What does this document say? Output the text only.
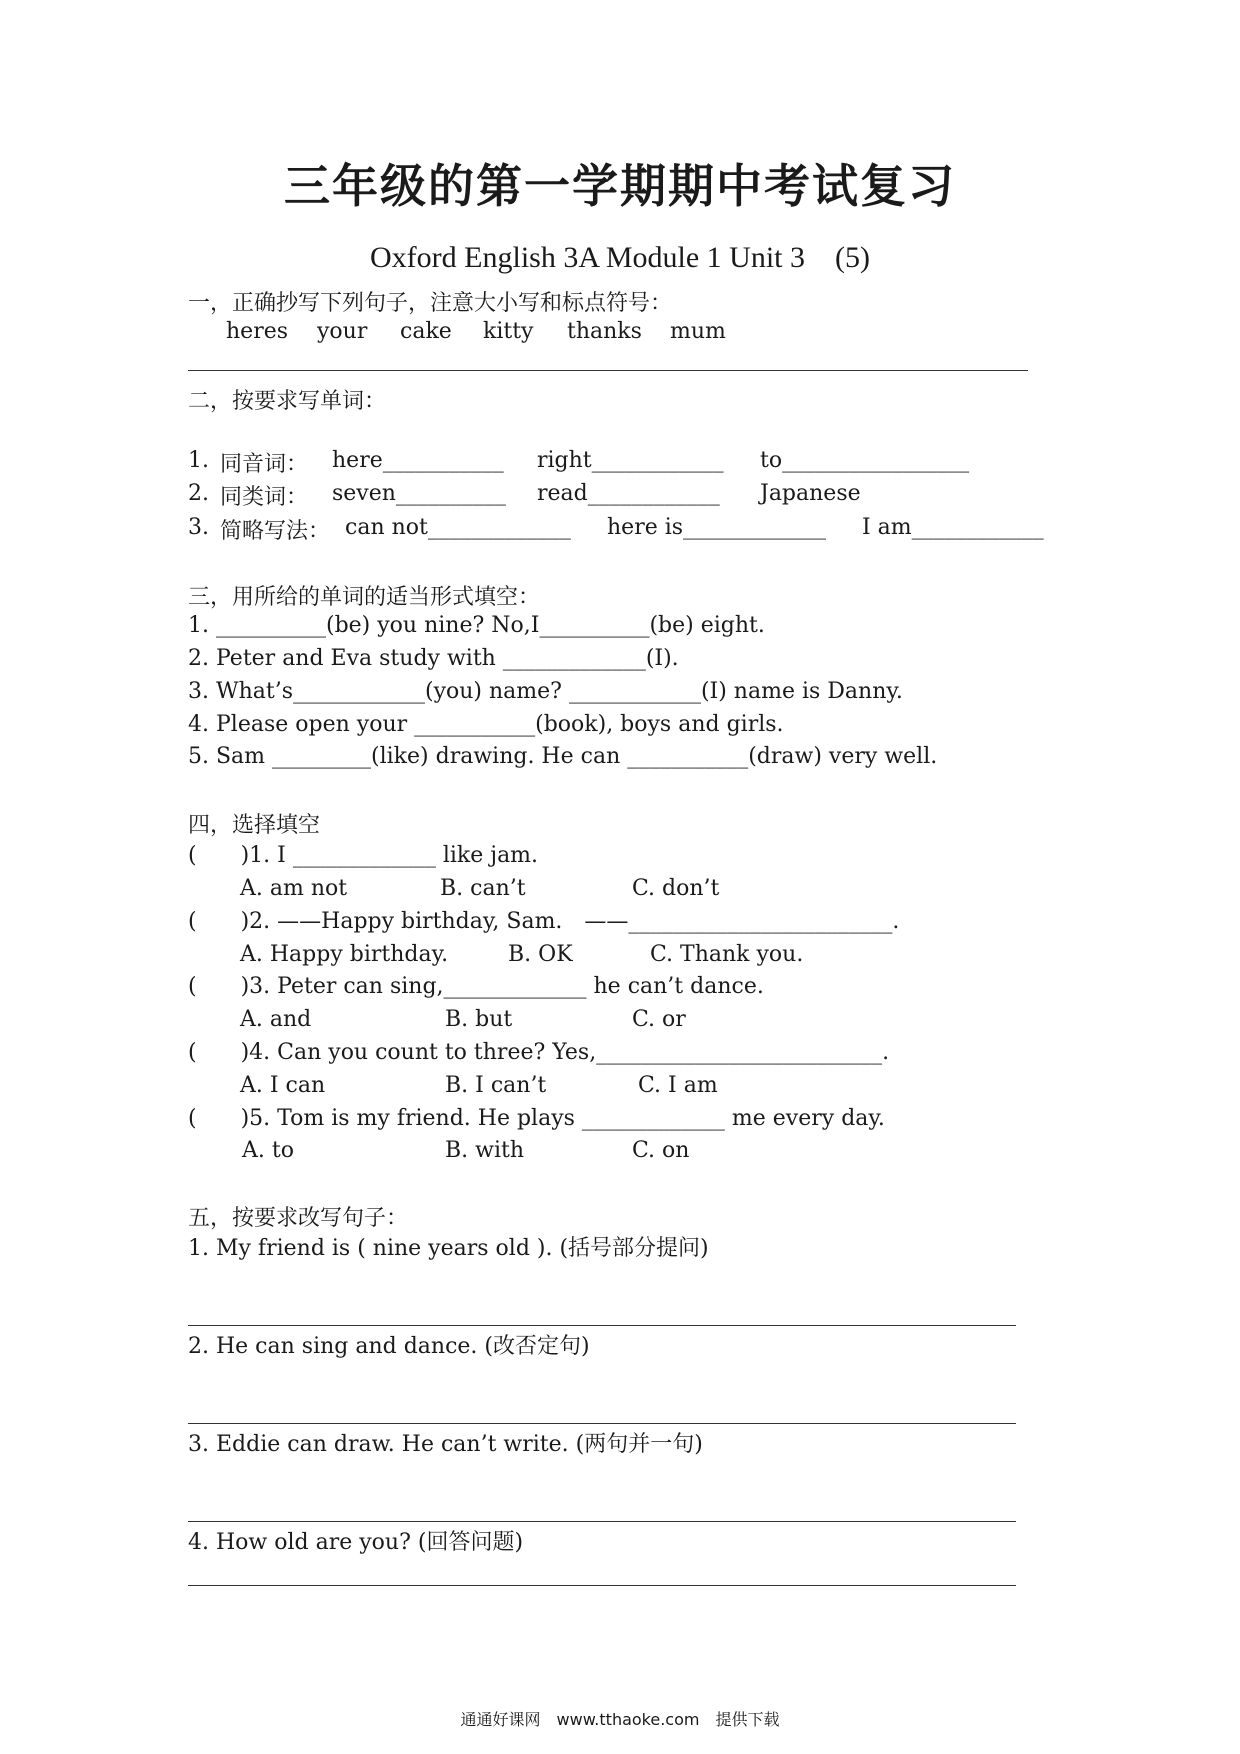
三年级的第一学期期中考试复习
Oxford English 3A Module 1 Unit 3　(5)
一，正确抄写下列句子，注意大小写和标点符号：
heres your cake kitty thanks mum
二，按要求写单词：
1. 同音词： here___________ right____________ to_________________
2. 同类词： seven__________ read____________ Japanese
3. 简略写法： can not_____________ here is_____________ I am____________
三，用所给的单词的适当形式填空：
1. __________(be) you nine? No,I__________(be) eight.
2. Peter and Eva study with _____________(I).
3. What’s____________(you) name? ____________(I) name is Danny.
4. Please open your ___________(book), boys and girls.
5. Sam _________(like) drawing. He can ___________(draw) very well.
四，选择填空
(　　)1. I _____________ like jam.
A. am not	B. can’t	C. don’t
(　　)2. ——Happy birthday, Sam.　——________________________.
A. Happy birthday.	B. OK	C. Thank you.
(　　)3. Peter can sing,_____________ he can’t dance.
A. and	B. but	C. or
(　　)4. Can you count to three? Yes,__________________________.
A. I can	B. I can’t	C. I am
(　　)5. Tom is my friend. He plays _____________ me every day.
A. to	B. with	C. on
五，按要求改写句子：
1. My friend is ( nine years old ). (括号部分提问)
2. He can sing and dance. (改否定句)
3. Eddie can draw. He can’t write. (两句并一句)
4. How old are you? (回答问题)
通通好课网　www.tthaoke.com　提供下载
